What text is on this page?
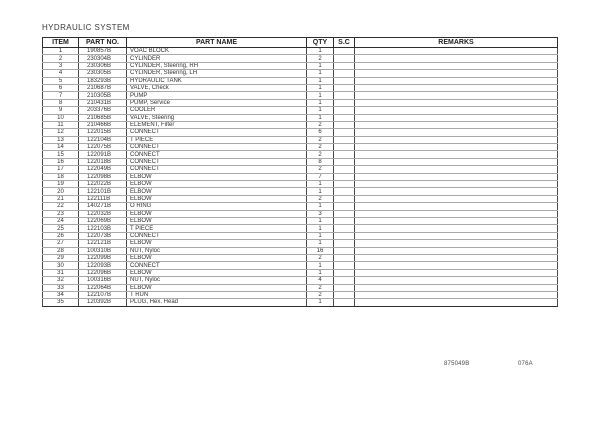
HYDRAULIC SYSTEM
ITEM	PART NO.	PART NAME	QTY	S.C	REMARKS
1	190857B	VOAC BLOCK	1		
2	230304B	CYLINDER	2		
3	230306B	CYLINDER, Steering, RH	1		
4	230305B	CYLINDER, Steering, LH	1		
5	183293B	HYDRAULIC TANK	1		
6	210687B	VALVE, Check	1		
7	210305B	PUMP	1		
8	210431B	PUMP, Service	1		
9	203376B	COOLER	1		
10	210685B	VALVE, Steering	1		
11	210466B	ELEMENT, Filter	2		
12	122015B	CONNECT	6		
13	122104B	T PIECE	2		
14	122075B	CONNECT	2		
15	122091B	CONNECT	2		
16	122018B	CONNECT	8		
17	122049B	CONNECT	2		
18	122098B	ELBOW	7		
19	122022B	ELBOW	1		
20	122101B	ELBOW	1		
21	122111B	ELBOW	2		
22	140271B	O RING	1		
23	122032B	ELBOW	3		
24	122069B	ELBOW	1		
25	122103B	T PIECE	1		
26	122073B	CONNECT	1		
27	122121B	ELBOW	1		
28	100310B	NUT, Nyloc	16		
29	122099B	ELBOW	2		
30	122093B	CONNECT	1		
31	122096B	ELBOW	1		
32	100316B	NUT, Nyloc	4		
33	122064B	ELBOW	2		
34	122107B	T RUN	2		
35	120392B	PLUG, Hex. Head	1		
875049B	076A
